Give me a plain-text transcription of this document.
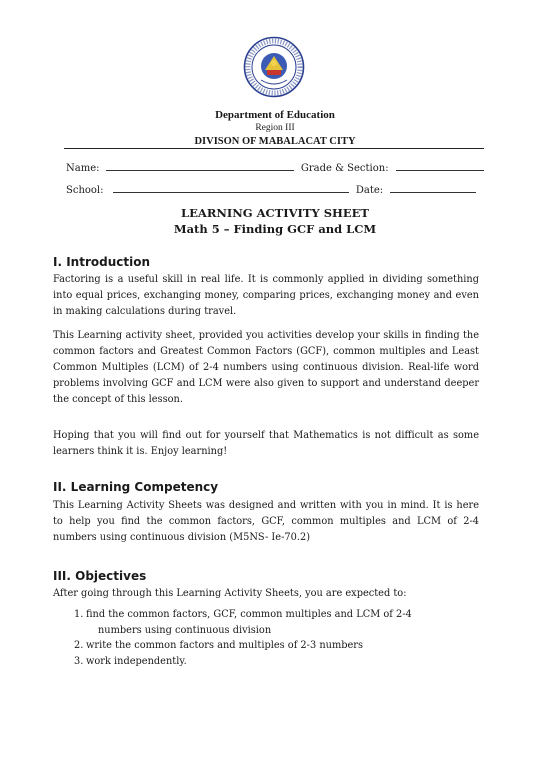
Department of Education
Region III
DIVISON OF MABALACAT CITY
Name:	Grade & Section:
School:	Date:
LEARNING ACTIVITY SHEET
Math 5 – Finding GCF and LCM
I. Introduction
Factoring is a useful skill in real life. It is commonly applied in dividing something into equal prices, exchanging money, comparing prices, exchanging money and even in making calculations during travel.
This Learning activity sheet, provided you activities develop your skills in finding the common factors and Greatest Common Factors (GCF), common multiples and Least Common Multiples (LCM) of 2-4 numbers using continuous division. Real-life word problems involving GCF and LCM were also given to support and understand deeper the concept of this lesson.
Hoping that you will find out for yourself that Mathematics is not difficult as some learners think it is. Enjoy learning!
II. Learning Competency
This Learning Activity Sheets was designed and written with you in mind. It is here to help you find the common factors, GCF, common multiples and LCM of 2-4 numbers using continuous division (M5NS- Ie-70.2)
III. Objectives
After going through this Learning Activity Sheets, you are expected to:
1. find the common factors, GCF, common multiples and LCM of 2-4
numbers using continuous division
2. write the common factors and multiples of 2-3 numbers
3. work independently.
